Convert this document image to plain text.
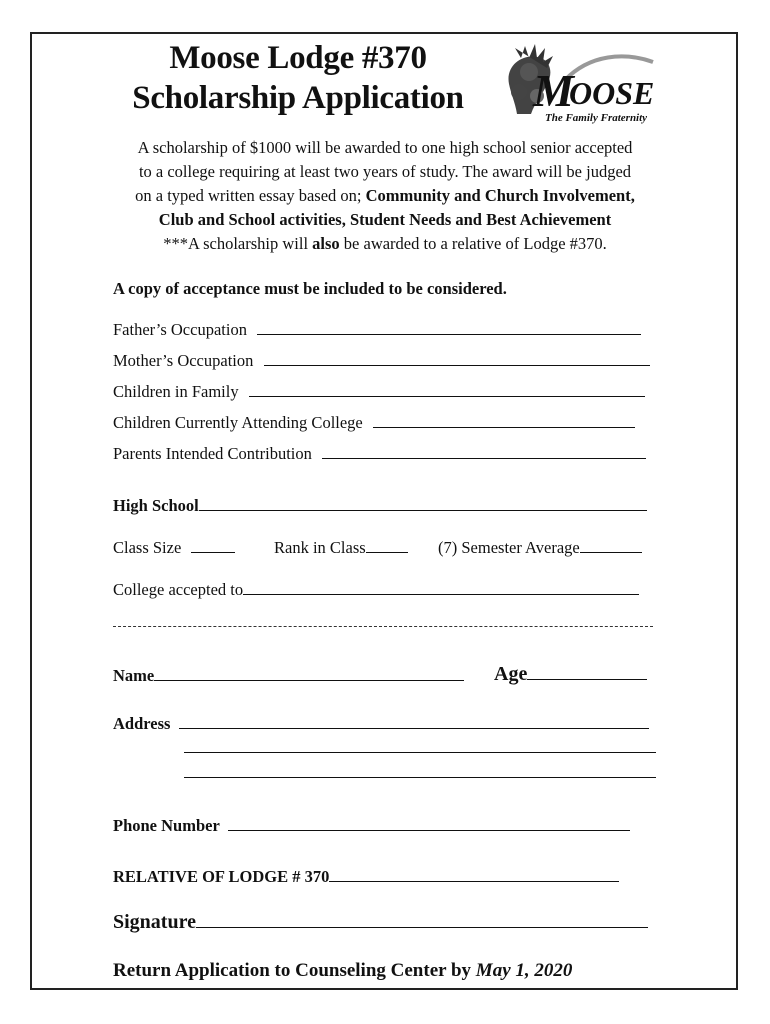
Moose Lodge #370
Scholarship Application M
OOSE
The Family Fraternity
A scholarship of $1000 will be awarded to one high school senior accepted
to a college requiring at least two years of study. The award will be judged
on a typed written essay based on; Community and Church Involvement,
Club and School activities, Student Needs and Best Achievement
***A scholarship will also be awarded to a relative of Lodge #370.
A copy of acceptance must be included to be considered.
Father’s Occupation
Mother’s Occupation
Children in Family
Children Currently Attending College
Parents Intended Contribution
High School
Class Size	Rank in Class	(7) Semester Average
College accepted to
Name	Age
Address
Phone Number
RELATIVE OF LODGE # 370
Signature
Return Application to Counseling Center by May 1, 2020
